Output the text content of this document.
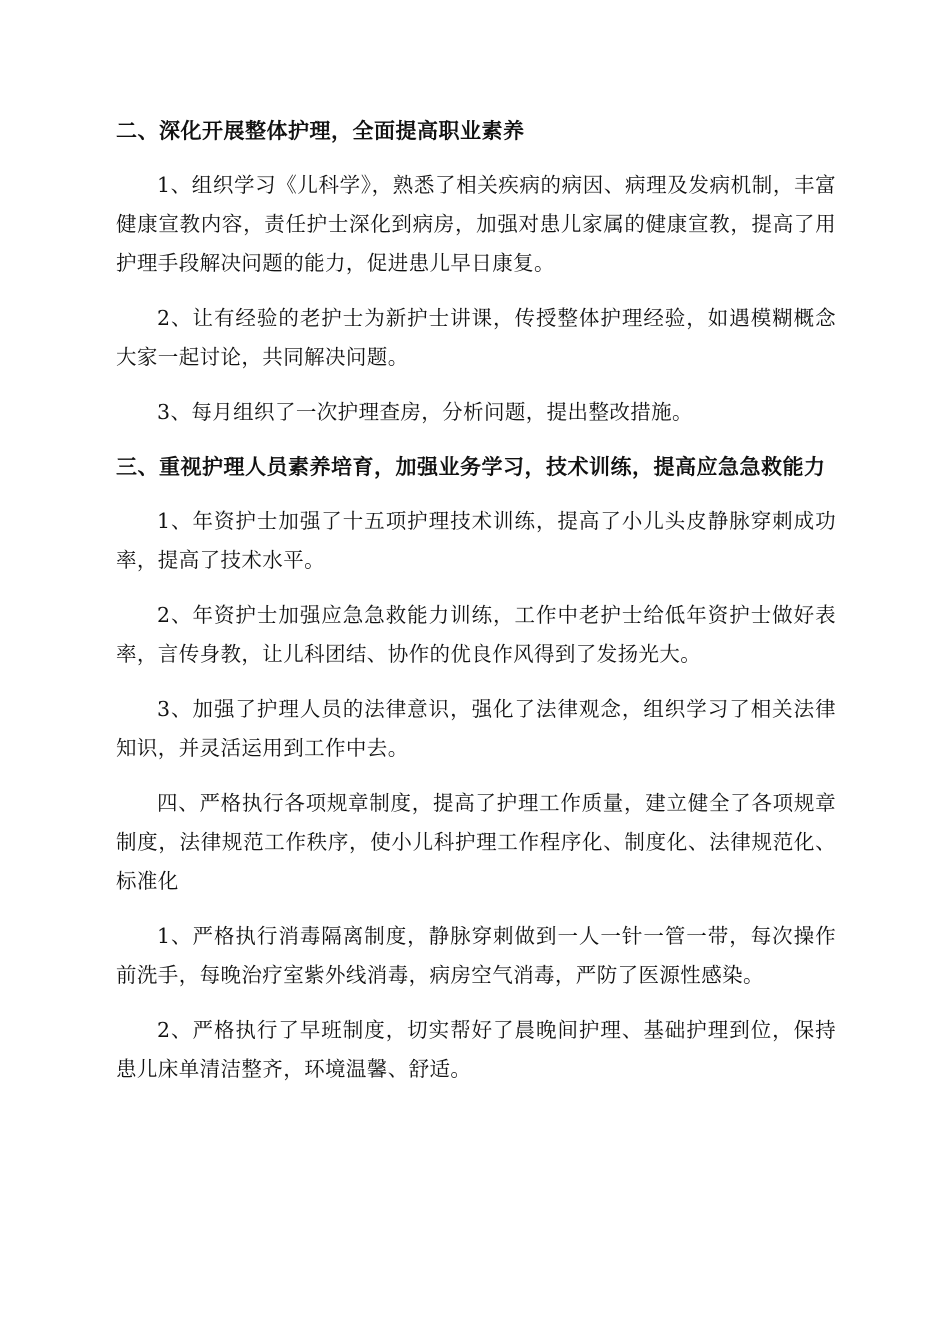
二、深化开展整体护理，全面提高职业素养

1、组织学习《儿科学》，熟悉了相关疾病的病因、病理及发病机制，丰富健康宣教内容，责任护士深化到病房，加强对患儿家属的健康宣教，提高了用护理手段解决问题的能力，促进患儿早日康复。

2、让有经验的老护士为新护士讲课，传授整体护理经验，如遇模糊概念大家一起讨论，共同解决问题。

3、每月组织了一次护理查房，分析问题，提出整改措施。

三、重视护理人员素养培育，加强业务学习，技术训练，提高应急急救能力

1、年资护士加强了十五项护理技术训练，提高了小儿头皮静脉穿刺成功率，提高了技术水平。

2、年资护士加强应急急救能力训练，工作中老护士给低年资护士做好表率，言传身教，让儿科团结、协作的优良作风得到了发扬光大。

3、加强了护理人员的法律意识，强化了法律观念，组织学习了相关法律知识，并灵活运用到工作中去。

四、严格执行各项规章制度，提高了护理工作质量，建立健全了各项规章制度，法律规范工作秩序，使小儿科护理工作程序化、制度化、法律规范化、标准化

1、严格执行消毒隔离制度，静脉穿刺做到一人一针一管一带，每次操作前洗手，每晚治疗室紫外线消毒，病房空气消毒，严防了医源性感染。

2、严格执行了早班制度，切实帮好了晨晚间护理、基础护理到位，保持患儿床单清洁整齐，环境温馨、舒适。
